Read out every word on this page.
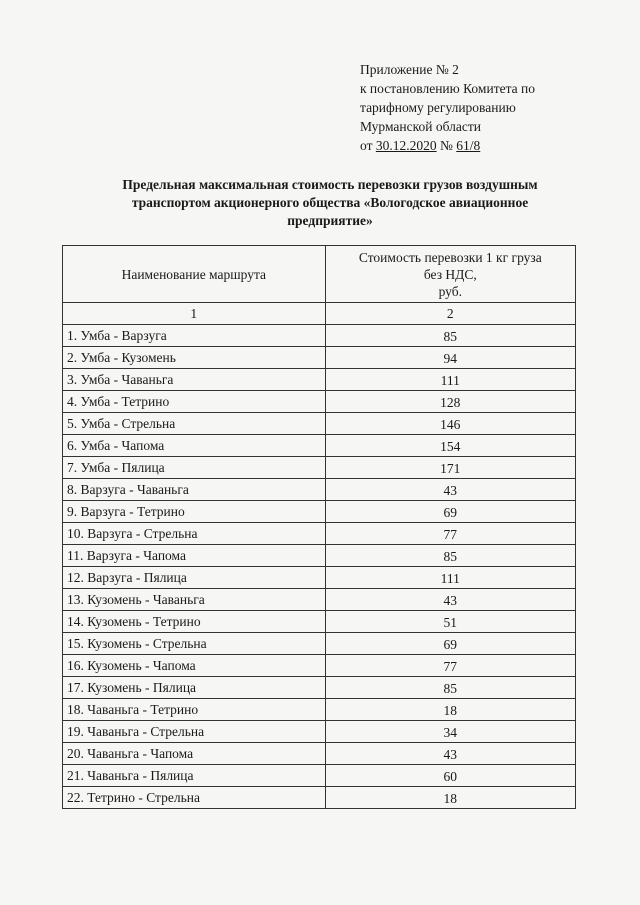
Приложение № 2
к постановлению Комитета по
тарифному регулированию
Мурманской области
от 30.12.2020 № 61/8
Предельная максимальная стоимость перевозки грузов воздушным
транспортом акционерного общества «Вологодское авиационное
предприятие»
Наименование маршрута	Стоимость перевозки 1 кг груза
без НДС,
руб.

1	2
1. Умба - Варзуга	85
2. Умба - Кузомень	94
3. Умба - Чаваньга	111
4. Умба - Тетрино	128
5. Умба - Стрельна	146
6. Умба - Чапома	154
7. Умба - Пялица	171
8. Варзуга - Чаваньга	43
9. Варзуга - Тетрино	69
10. Варзуга - Стрельна	77
11. Варзуга - Чапома	85
12. Варзуга - Пялица	111
13. Кузомень - Чаваньга	43
14. Кузомень - Тетрино	51
15. Кузомень - Стрельна	69
16. Кузомень - Чапома	77
17. Кузомень - Пялица	85
18. Чаваньга - Тетрино	18
19. Чаваньга - Стрельна	34
20. Чаваньга - Чапома	43
21. Чаваньга - Пялица	60
22. Тетрино - Стрельна	18
